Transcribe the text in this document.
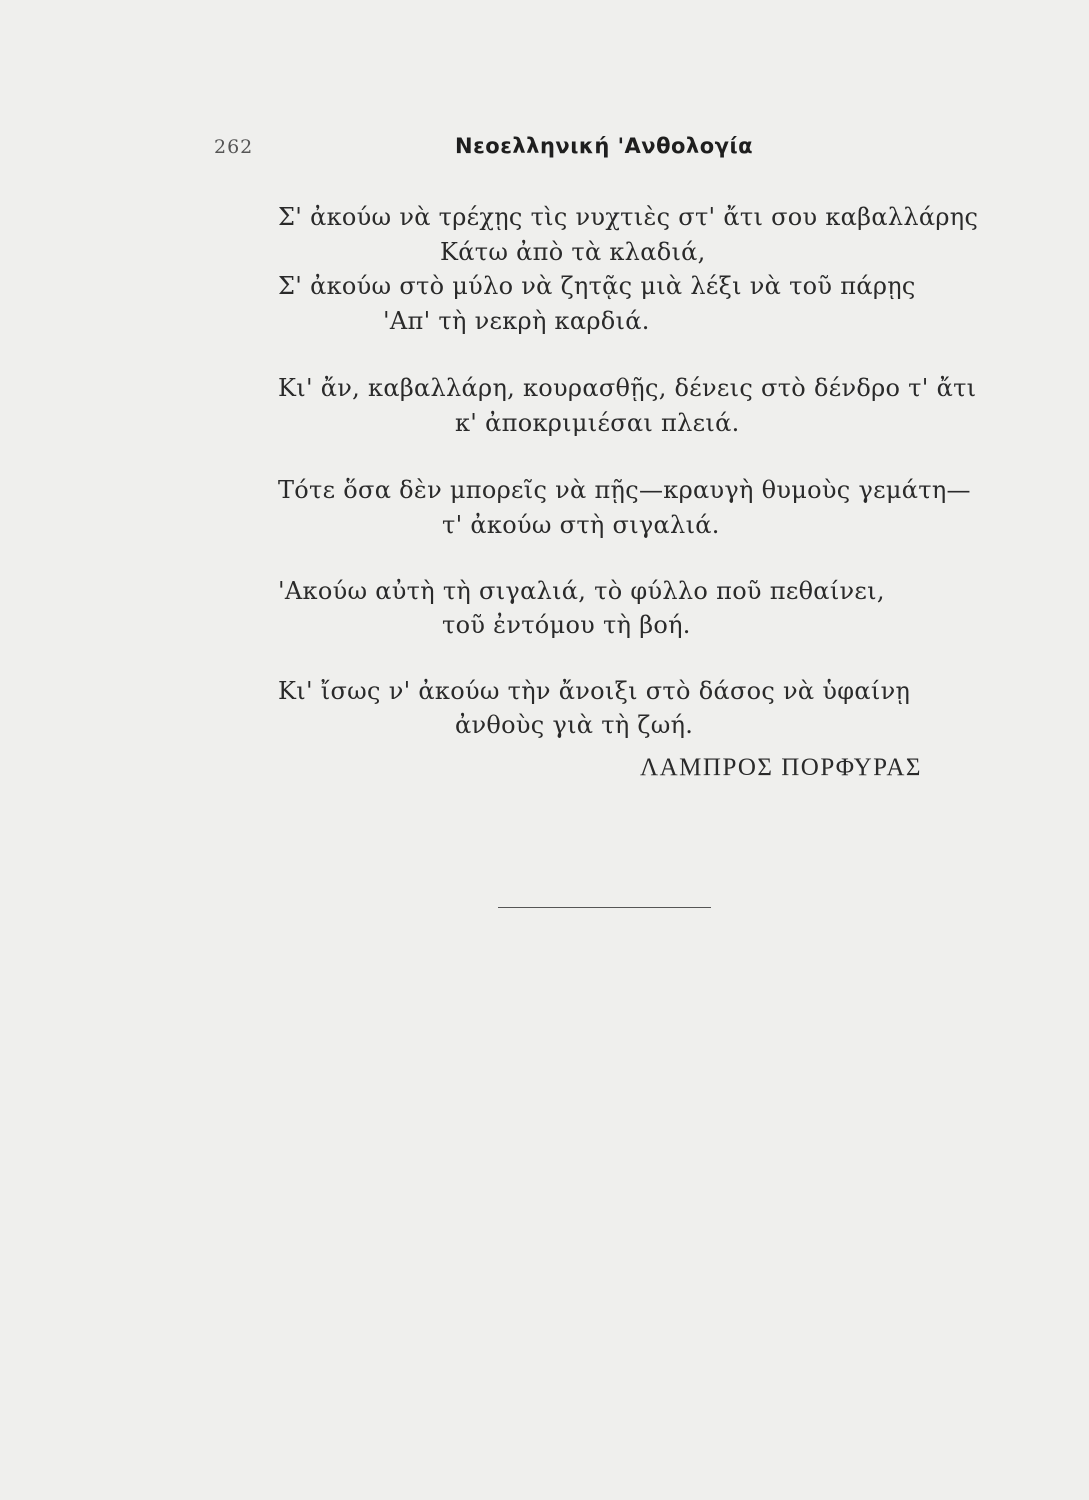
262	Νεοελληνική 'Ανθολογία
Σ' ἀκούω νὰ τρέχῃς τὶς νυχτιὲς στ' ἄτι σου καβαλλάρης
Κάτω ἀπὸ τὰ κλαδιά,
Σ' ἀκούω στὸ μύλο νὰ ζητᾷς μιὰ λέξι νὰ τοῦ πάρῃς
'Απ' τὴ νεκρὴ καρδιά.
Κι' ἄν, καβαλλάρη, κουρασθῇς, δένεις στὸ δένδρο τ' ἄτι
κ' ἀποκριμιέσαι πλειά.
Τότε ὅσα δὲν μπορεῖς νὰ πῇς—κραυγὴ θυμοὺς γεμάτη—
τ' ἀκούω στὴ σιγαλιά.
'Ακούω αὐτὴ τὴ σιγαλιά, τὸ φύλλο ποῦ πεθαίνει,
τοῦ ἐντόμου τὴ βοή.
Κι' ἴσως ν' ἀκούω τὴν ἄνοιξι στὸ δάσος νὰ ὑφαίνῃ
ἀνθοὺς γιὰ τὴ ζωή.
ΛΑΜΠΡΟΣ ΠΟΡΦΥΡΑΣ
